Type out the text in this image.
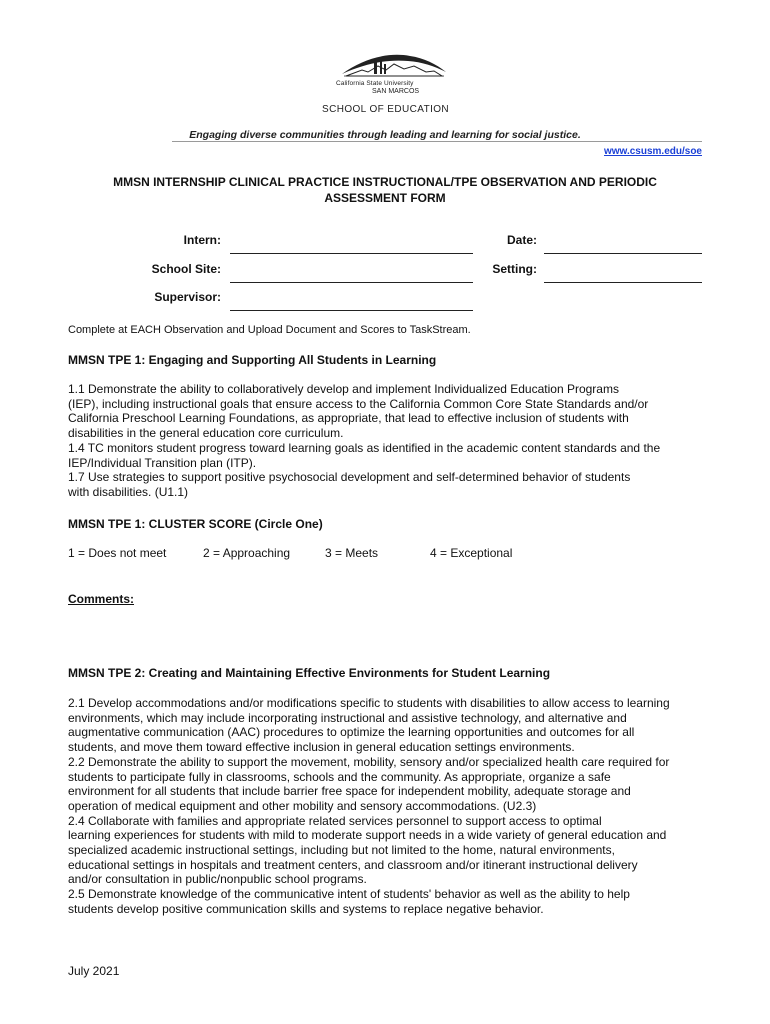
California State University
SAN MARCOS
SCHOOL OF EDUCATION
Engaging diverse communities through leading and learning for social justice.
www.csusm.edu/soe
MMSN INTERNSHIP CLINICAL PRACTICE INSTRUCTIONAL/TPE OBSERVATION AND PERIODIC
ASSESSMENT FORM
Intern:	Date:
School Site:	Setting:
Supervisor:
Complete at EACH Observation and Upload Document and Scores to TaskStream.
MMSN TPE 1: Engaging and Supporting All Students in Learning

1.1 Demonstrate the ability to collaboratively develop and implement Individualized Education Programs

(IEP), including instructional goals that ensure access to the California Common Core State Standards and/or

California Preschool Learning Foundations, as appropriate, that lead to effective inclusion of students with

disabilities in the general education core curriculum.

1.4 TC monitors student progress toward learning goals as identified in the academic content standards and the

IEP/Individual Transition plan (ITP).

1.7 Use strategies to support positive psychosocial development and self-determined behavior of students

with disabilities. (U1.1)

MMSN TPE 1: CLUSTER SCORE (Circle One)
1 = Does not meet	2 = Approaching	3 = Meets	4 = Exceptional
Comments:
MMSN TPE 2: Creating and Maintaining Effective Environments for Student Learning

2.1 Develop accommodations and/or modifications specific to students with disabilities to allow access to learning

environments, which may include incorporating instructional and assistive technology, and alternative and

augmentative communication (AAC) procedures to optimize the learning opportunities and outcomes for all

students, and move them toward effective inclusion in general education settings environments.

2.2 Demonstrate the ability to support the movement, mobility, sensory and/or specialized health care required for

students to participate fully in classrooms, schools and the community. As appropriate, organize a safe

environment for all students that include barrier free space for independent mobility, adequate storage and

operation of medical equipment and other mobility and sensory accommodations. (U2.3)

2.4 Collaborate with families and appropriate related services personnel to support access to optimal

learning experiences for students with mild to moderate support needs in a wide variety of general education and

specialized academic instructional settings, including but not limited to the home, natural environments,

educational settings in hospitals and treatment centers, and classroom and/or itinerant instructional delivery

and/or consultation in public/nonpublic school programs.

2.5 Demonstrate knowledge of the communicative intent of students' behavior as well as the ability to help

students develop positive communication skills and systems to replace negative behavior.

July 2021
